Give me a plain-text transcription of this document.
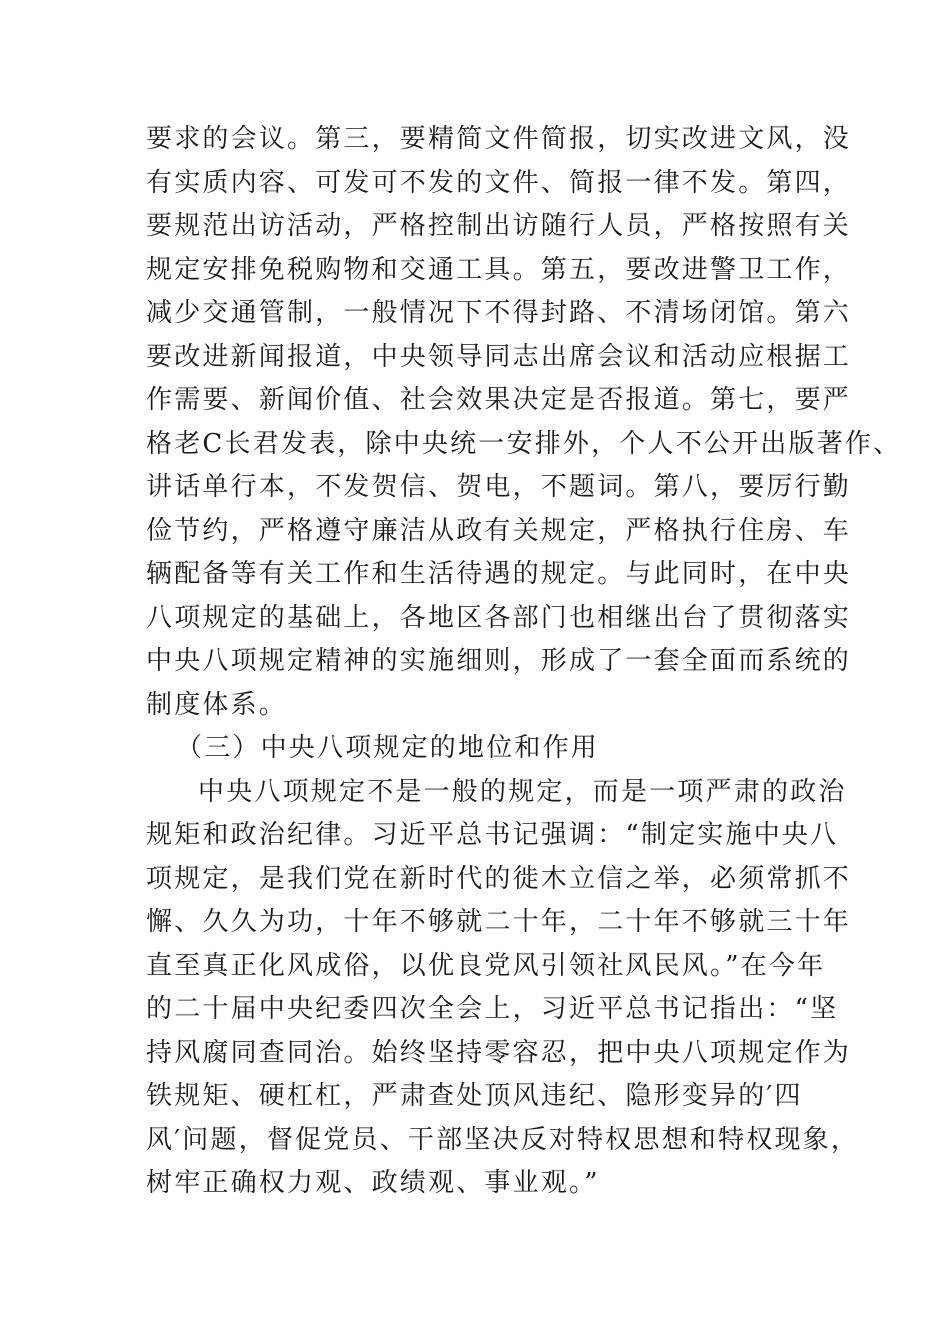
要求的会议。第三，要精简文件简报，切实改进文风，没
有实质内容、可发可不发的文件、简报一律不发。第四，
要规范出访活动，严格控制出访随行人员，严格按照有关
规定安排免税购物和交通工具。第五，要改进警卫工作，
减少交通管制，一般情况下不得封路、不清场闭馆。第六
要改进新闻报道，中央领导同志出席会议和活动应根据工
作需要、新闻价值、社会效果决定是否报道。第七，要严
格老C长君发表，除中央统一安排外，个人不公开出版著作、
讲话单行本，不发贺信、贺电，不题词。第八，要厉行勤
俭节约，严格遵守廉洁从政有关规定，严格执行住房、车
辆配备等有关工作和生活待遇的规定。与此同时，在中央
八项规定的基础上，各地区各部门也相继出台了贯彻落实
中央八项规定精神的实施细则，形成了一套全面而系统的
制度体系。
（三）中央八项规定的地位和作用
中央八项规定不是一般的规定，而是一项严肃的政治
规矩和政治纪律。习近平总书记强调：“制定实施中央八
项规定，是我们党在新时代的徙木立信之举，必须常抓不
懈、久久为功，十年不够就二十年，二十年不够就三十年
直至真正化风成俗，以优良党风引领社风民风。”在今年
的二十届中央纪委四次全会上，习近平总书记指出：“坚
持风腐同查同治。始终坚持零容忍，把中央八项规定作为
铁规矩、硬杠杠，严肃查处顶风违纪、隐形变异的′四
风′问题，督促党员、干部坚决反对特权思想和特权现象，
树牢正确权力观、政绩观、事业观。”
